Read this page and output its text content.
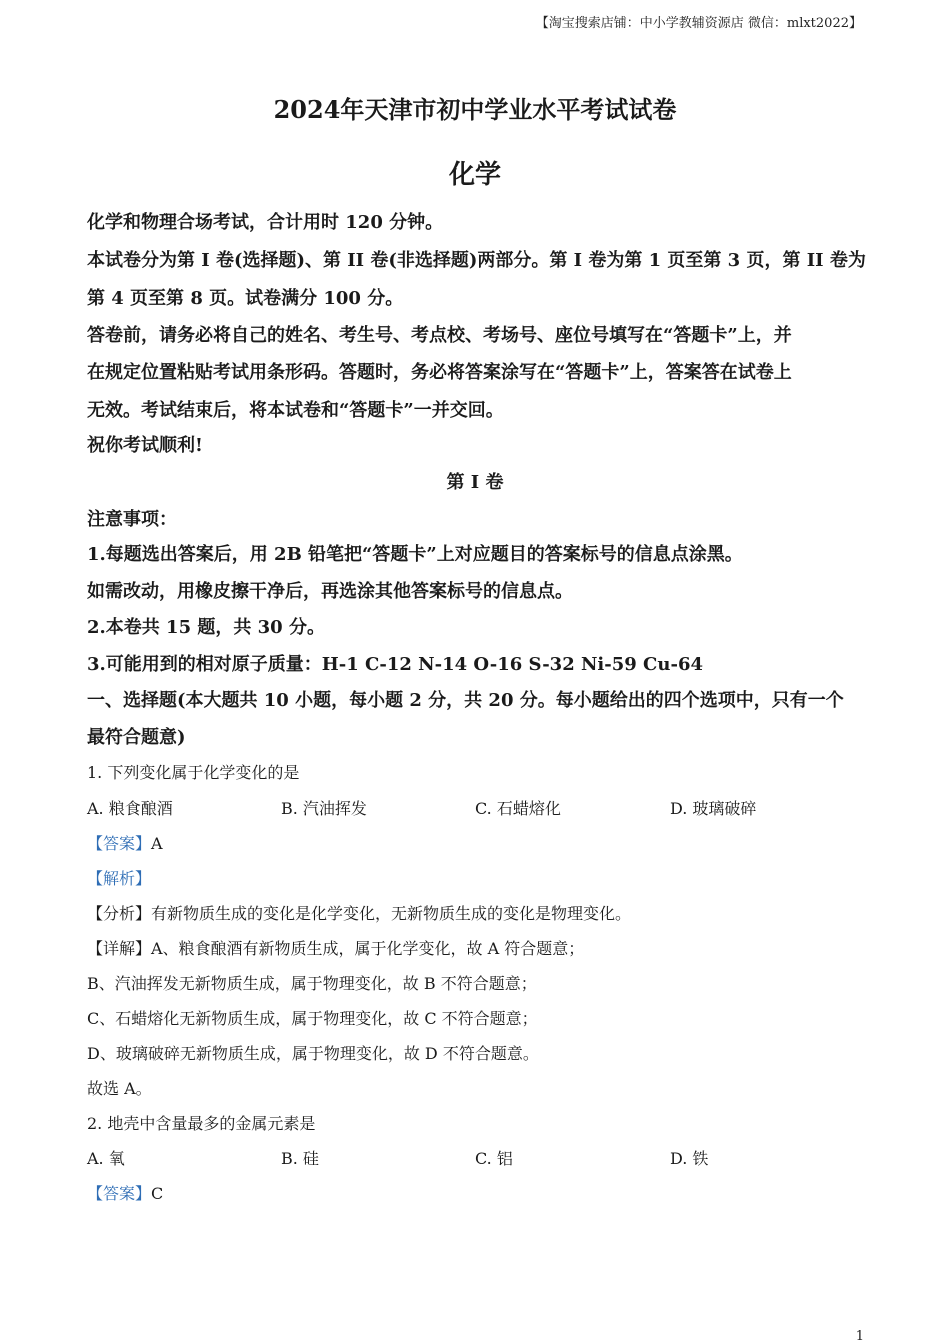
【淘宝搜索店铺：中小学教辅资源店 微信：mlxt2022】
2024年天津市初中学业水平考试试卷
化学
化学和物理合场考试，合计用时 120 分钟。
本试卷分为第 I 卷(选择题)、第 II 卷(非选择题)两部分。第 I 卷为第 1 页至第 3 页，第 II 卷为
第 4 页至第 8 页。试卷满分 100 分。
答卷前，请务必将自己的姓名、考生号、考点校、考场号、座位号填写在“答题卡”上，并
在规定位置粘贴考试用条形码。答题时，务必将答案涂写在“答题卡”上，答案答在试卷上
无效。考试结束后，将本试卷和“答题卡”一并交回。
祝你考试顺利!
第 I 卷
注意事项：
1.每题选出答案后，用 2B 铅笔把“答题卡”上对应题目的答案标号的信息点涂黑。
如需改动，用橡皮擦干净后，再选涂其他答案标号的信息点。
2.本卷共 15 题，共 30 分。
3.可能用到的相对原子质量：H-1 C-12 N-14 O-16 S-32 Ni-59 Cu-64
一、选择题(本大题共 10 小题，每小题 2 分，共 20 分。每小题给出的四个选项中，只有一个
最符合题意)
1. 下列变化属于化学变化的是
A. 粮食酿酒	B. 汽油挥发	C. 石蜡熔化	D. 玻璃破碎
【答案】A
【解析】
【分析】有新物质生成的变化是化学变化，无新物质生成的变化是物理变化。
【详解】A、粮食酿酒有新物质生成，属于化学变化，故 A 符合题意；
B、汽油挥发无新物质生成，属于物理变化，故 B 不符合题意；
C、石蜡熔化无新物质生成，属于物理变化，故 C 不符合题意；
D、玻璃破碎无新物质生成，属于物理变化，故 D 不符合题意。
故选 A。
2. 地壳中含量最多的金属元素是
A. 氧	B. 硅	C. 铝	D. 铁
【答案】C
1
